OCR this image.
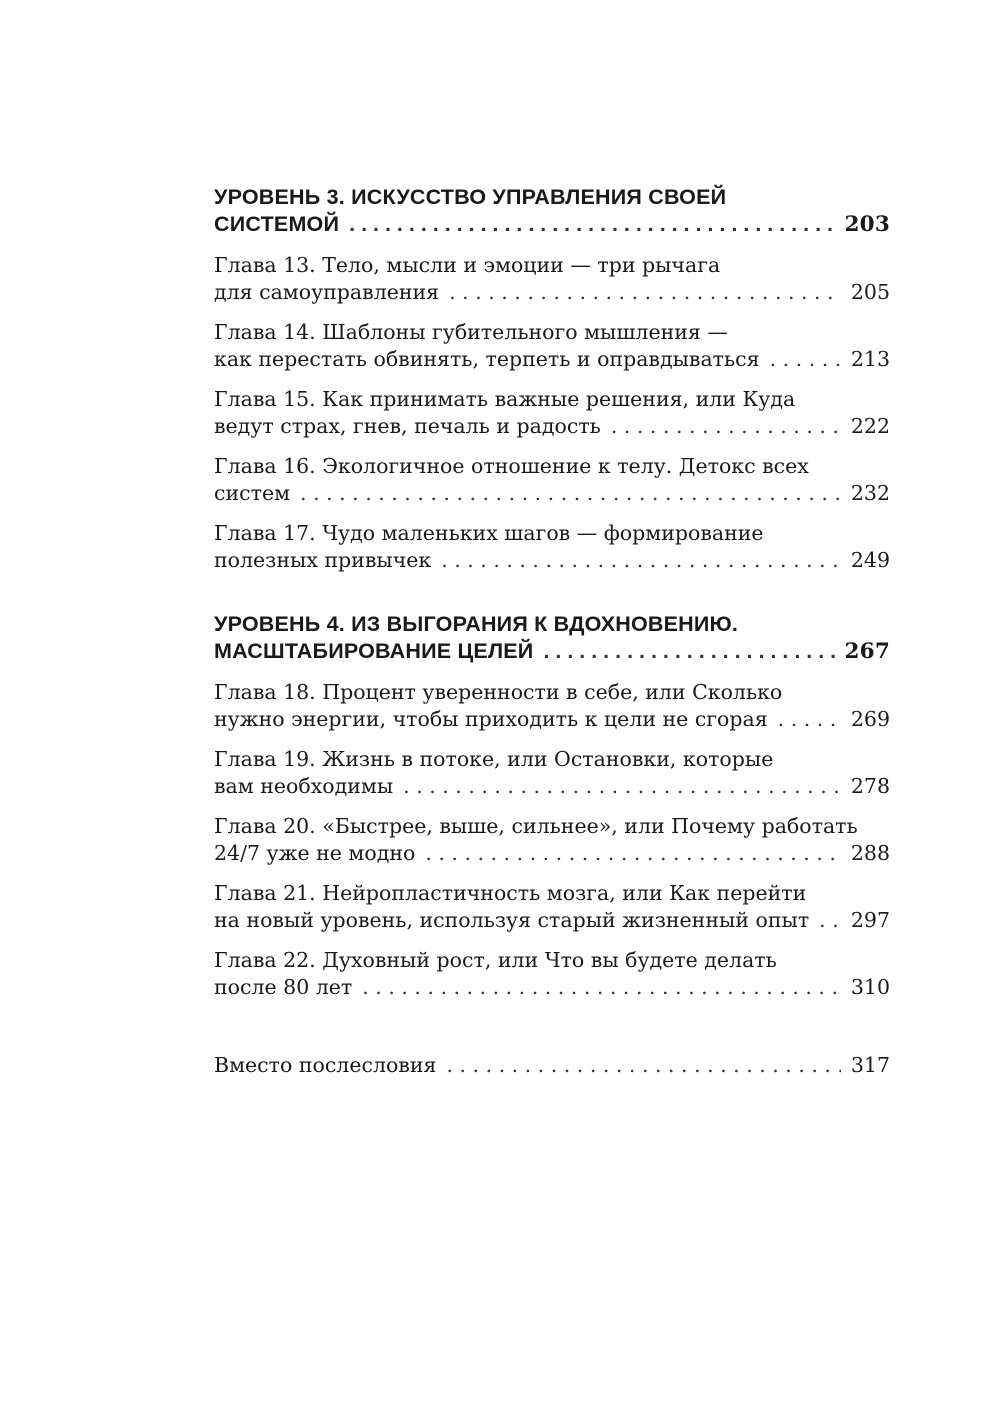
УРОВЕНЬ 3. ИСКУССТВО УПРАВЛЕНИЯ СВОЕЙ
СИСТЕМОЙ . . .	203
Глава 13. Тело, мысли и эмоции — три рычага
для самоуправления . . .	205
Глава 14. Шаблоны губительного мышления —
как перестать обвинять, терпеть и оправдываться . . .	213
Глава 15. Как принимать важные решения, или Куда
ведут страх, гнев, печаль и радость . . .	222
Глава 16. Экологичное отношение к телу. Детокс всех
систем . . .	232
Глава 17. Чудо маленьких шагов — формирование
полезных привычек . . .	249
УРОВЕНЬ 4. ИЗ ВЫГОРАНИЯ К ВДОХНОВЕНИЮ.
МАСШТАБИРОВАНИЕ ЦЕЛЕЙ . . .	267
Глава 18. Процент уверенности в себе, или Сколько
нужно энергии, чтобы приходить к цели не сгорая . . .	269
Глава 19. Жизнь в потоке, или Остановки, которые
вам необходимы . . .	278
Глава 20. «Быстрее, выше, сильнее», или Почему работать
24/7 уже не модно . . .	288
Глава 21. Нейропластичность мозга, или Как перейти
на новый уровень, используя старый жизненный опыт . . . 297
Глава 22. Духовный рост, или Что вы будете делать
после 80 лет . . .	310
Вместо послесловия . . .	317
